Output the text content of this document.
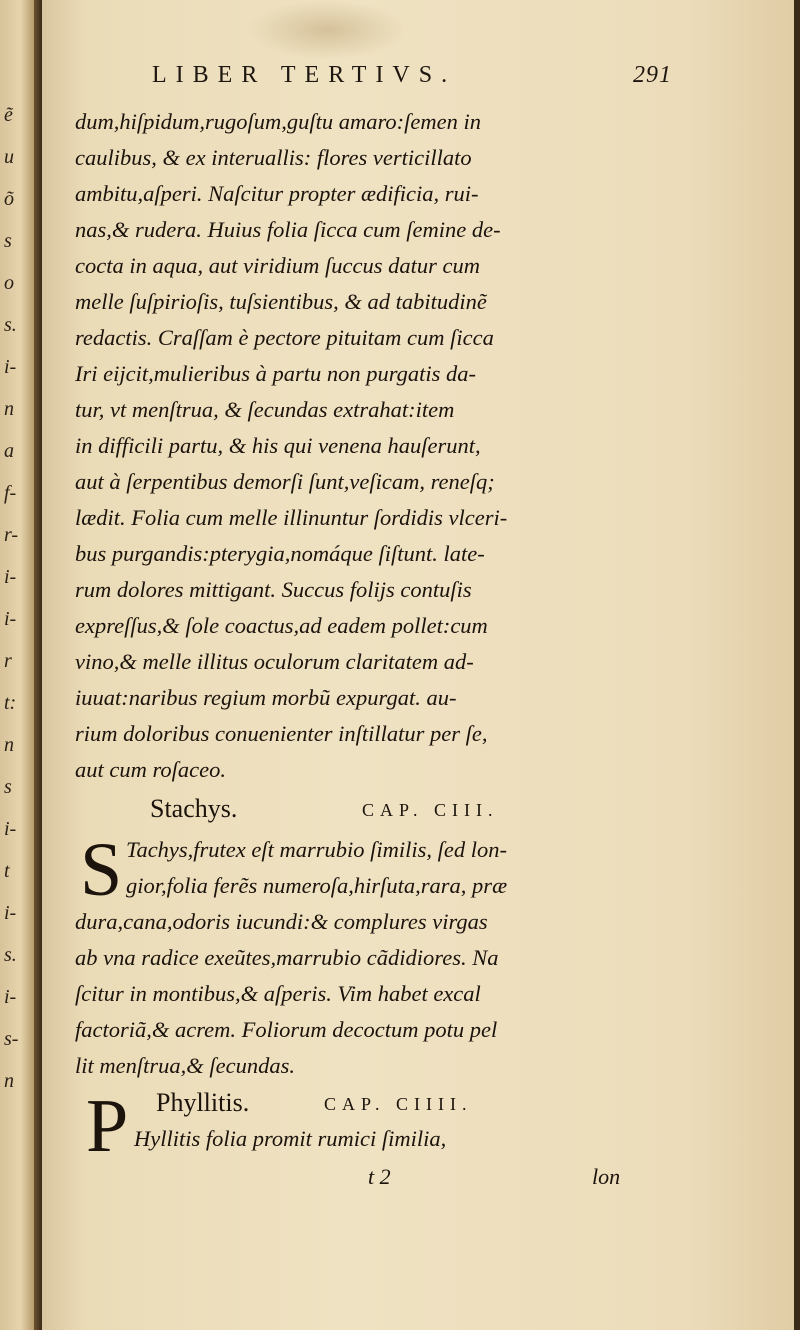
ẽ
u
õ
s
o
s.
i-
n
a
f-
r-
i-
i-
r
t:
n
s
i-
t
i-
s.
i-
s-
n
LIBER TERTIVS.	291
dum,hiſpidum,rugoſum,guſtu amaro:ſemen in
caulibus, & ex interuallis: flores verticillato
ambitu,aſperi. Naſcitur propter ædificia, rui-
nas,& rudera. Huius folia ſicca cum ſemine de-
cocta in aqua, aut viridium ſuccus datur cum
melle ſuſpirioſis, tuſsientibus, & ad tabitudinẽ
redactis. Craſſam è pectore pituitam cum ſicca
Iri eijcit,mulieribus à partu non purgatis da-
tur, vt menſtrua, & ſecundas extrahat:item
in difficili partu, & his qui venena hauſerunt,
aut à ſerpentibus demorſi ſunt,veſicam, reneſq;
lædit. Folia cum melle illinuntur ſordidis vlceri-
bus purgandis:pterygia,nomáque ſiſtunt. late-
rum dolores mittigant. Succus folijs contuſis
expreſſus,& ſole coactus,ad eadem pollet:cum
vino,& melle illitus oculorum claritatem ad-
iuuat:naribus regium morbũ expurgat. au-
rium doloribus conuenienter inſtillatur per ſe,
aut cum roſaceo.
Stachys.	CAP. CIII.
S Tachys,frutex eſt marrubio ſimilis, ſed lon-
gior,folia ferẽs numeroſa,hirſuta,rara, præ
dura,cana,odoris iucundi:& complures virgas
ab vna radice exeũtes,marrubio cãdidiores. Na
ſcitur in montibus,& aſperis. Vim habet excal
factoriã,& acrem. Foliorum decoctum potu pel
lit menſtrua,& ſecundas.
P Phyllitis.	CAP. CIIII.
Hyllitis folia promit rumici ſimilia,
t 2	lon
